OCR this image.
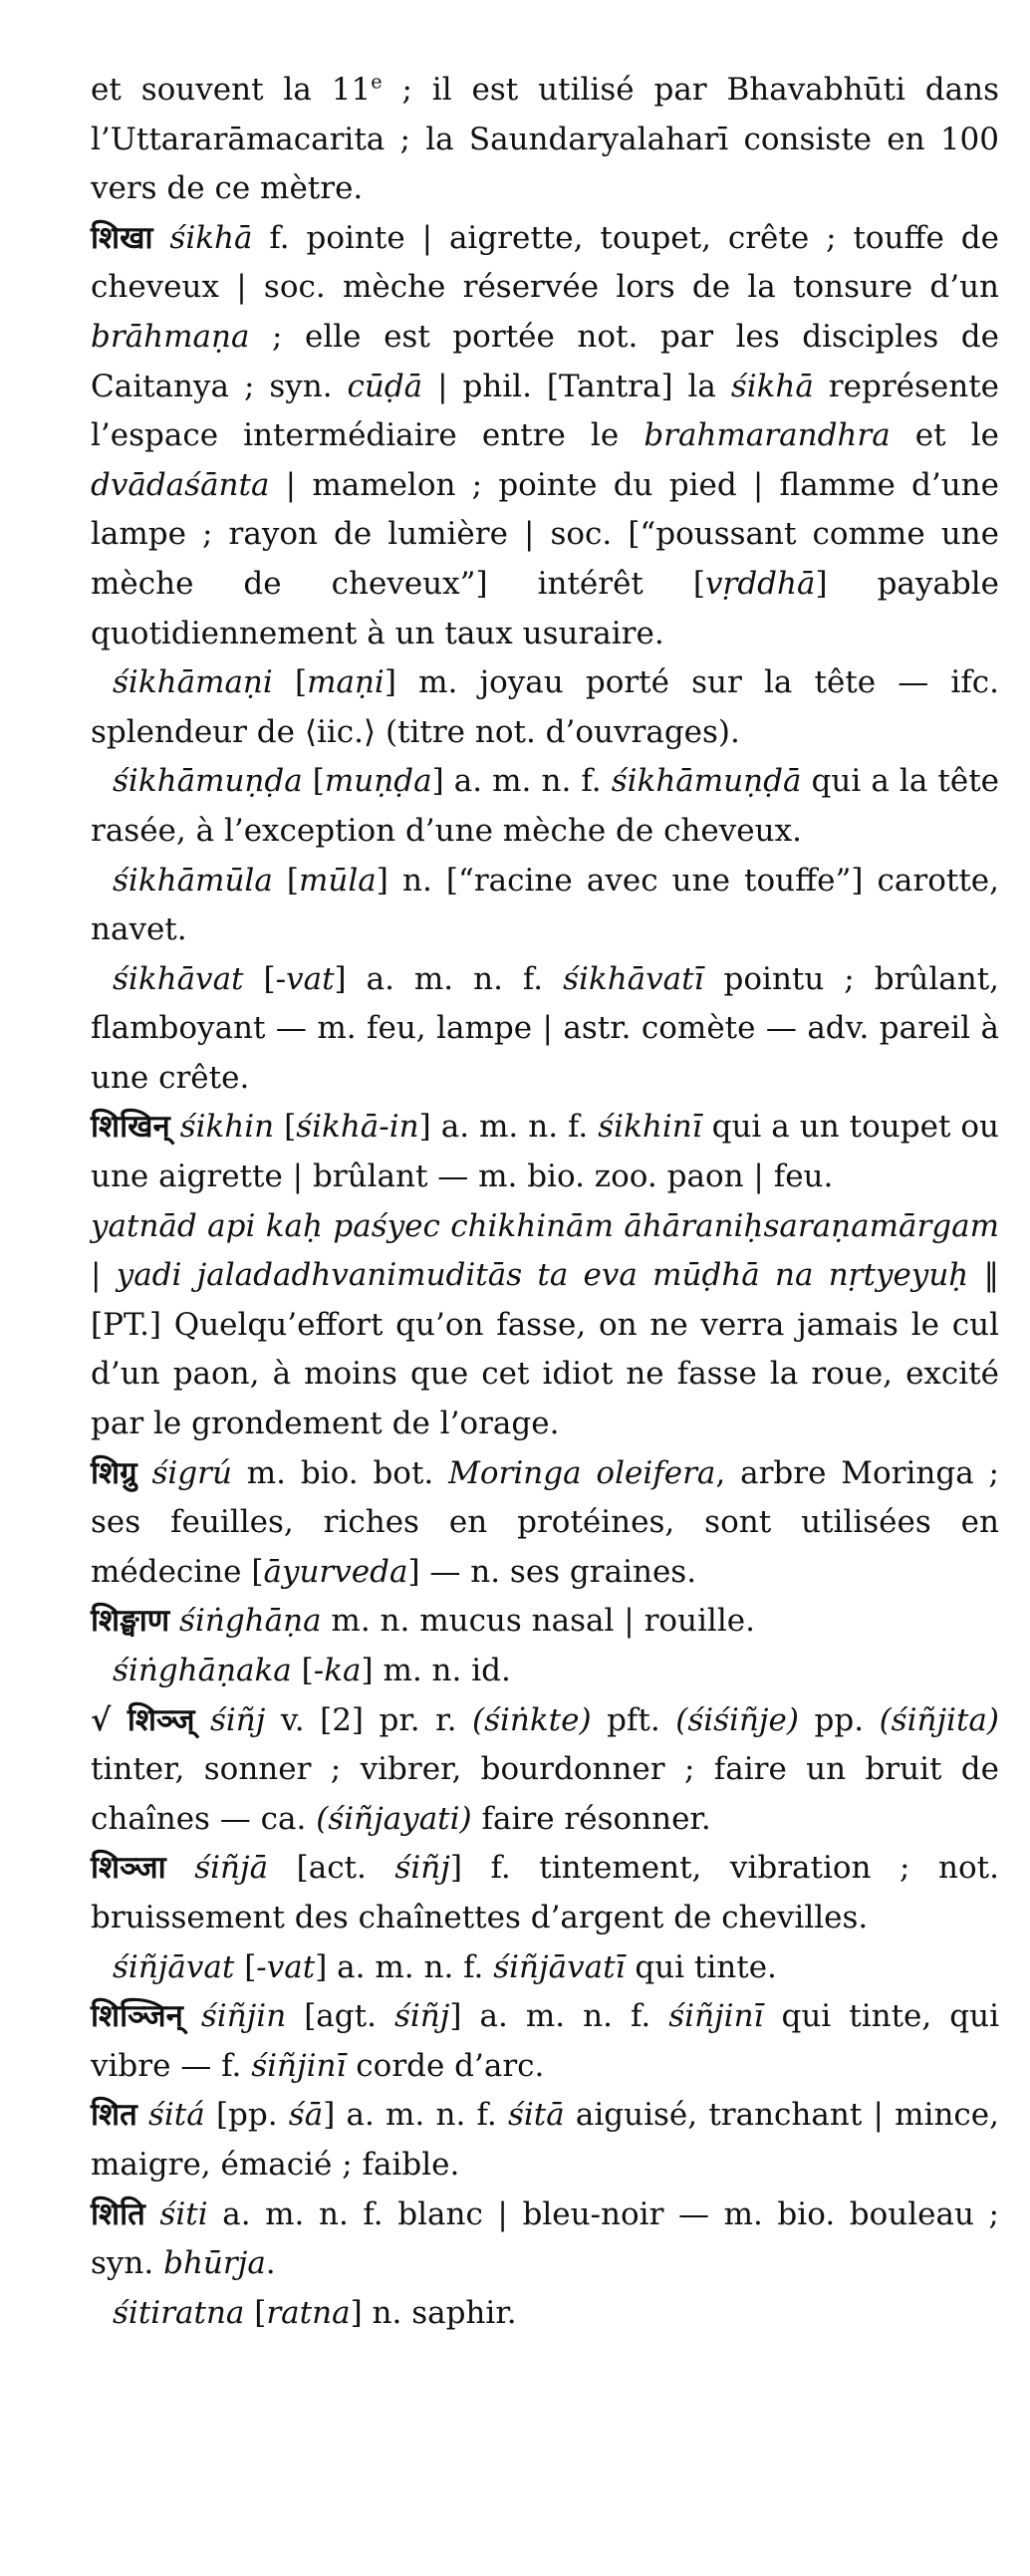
et souvent la 11e ; il est utilisé par Bhavabhūti dans l’Uttararāmacarita ; la Saundaryalaharī consiste en 100 vers de ce mètre.

शिखा śikhā f. pointe | aigrette, toupet, crête ; touffe de cheveux | soc. mèche réservée lors de la tonsure d’un brāhmaṇa ; elle est portée not. par les disciples de Caitanya ; syn. cūḍā | phil. [Tantra] la śikhā représente l’espace intermédiaire entre le brahmarandhra et le dvādaśānta | mamelon ; pointe du pied | flamme d’une lampe ; rayon de lumière | soc. [“poussant comme une mèche de cheveux”] intérêt [vṛddhā] payable quotidiennement à un taux usuraire.

śikhāmaṇi [maṇi] m. joyau porté sur la tête — ifc. splendeur de ⟨iic.⟩ (titre not. d’ouvrages).

śikhāmuṇḍa [muṇḍa] a. m. n. f. śikhāmuṇḍā qui a la tête rasée, à l’exception d’une mèche de cheveux.

śikhāmūla [mūla] n. [“racine avec une touffe”] carotte, navet.

śikhāvat [-vat] a. m. n. f. śikhāvatī pointu ; brûlant, flamboyant — m. feu, lampe | astr. comète — adv. pareil à une crête.

शिखिन् śikhin [śikhā-in] a. m. n. f. śikhinī qui a un toupet ou une aigrette | brûlant — m. bio. zoo. paon | feu.

yatnād api kaḥ paśyec chikhinām āhāraniḥsaraṇamārgam | yadi jaladadhvanimuditās ta eva mūḍhā na nṛtyeyuḥ ‖ [PT.] Quelqu’effort qu’on fasse, on ne verra jamais le cul d’un paon, à moins que cet idiot ne fasse la roue, excité par le grondement de l’orage.

शिग्रु śigrú m. bio. bot. Moringa oleifera, arbre Moringa ; ses feuilles, riches en protéines, sont utilisées en médecine [āyurveda] — n. ses graines.

शिङ्घाण śiṅghāṇa m. n. mucus nasal | rouille.

śiṅghāṇaka [-ka] m. n. id.

√ शिञ्ज् śiñj v. [2] pr. r. (śiṅkte) pft. (śiśiñje) pp. (śiñjita) tinter, sonner ; vibrer, bourdonner ; faire un bruit de chaînes — ca. (śiñjayati) faire résonner.

शिञ्जा śiñjā [act. śiñj] f. tintement, vibration ; not. bruissement des chaînettes d’argent de chevilles.

śiñjāvat [-vat] a. m. n. f. śiñjāvatī qui tinte.

शिञ्जिन् śiñjin [agt. śiñj] a. m. n. f. śiñjinī qui tinte, qui vibre — f. śiñjinī corde d’arc.

शित śitá [pp. śā] a. m. n. f. śitā aiguisé, tranchant | mince, maigre, émacié ; faible.

शिति śiti a. m. n. f. blanc | bleu-noir — m. bio. bouleau ; syn. bhūrja.

śitiratna [ratna] n. saphir.
